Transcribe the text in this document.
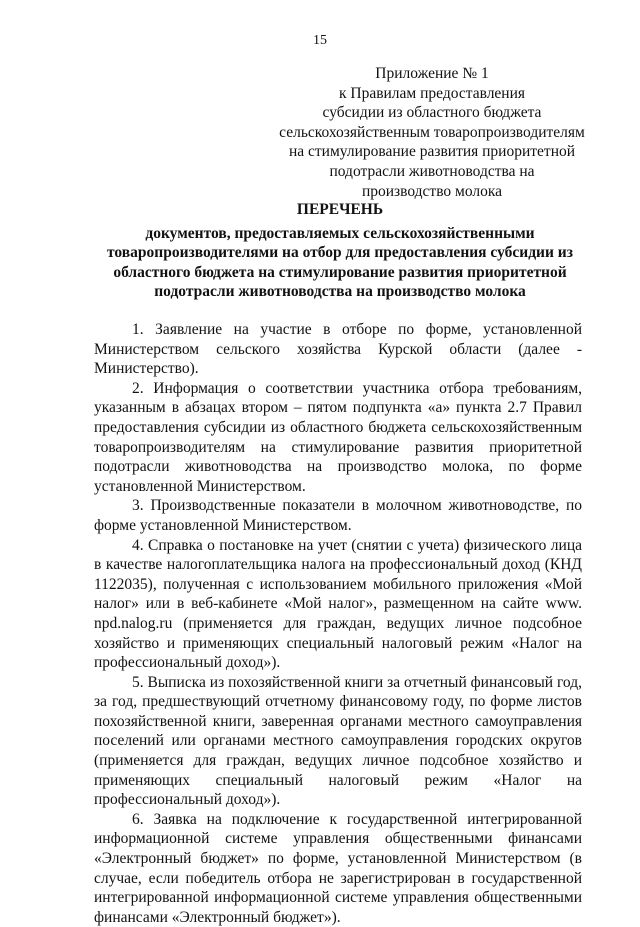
15
Приложение № 1
к Правилам предоставления
субсидии из областного бюджета
сельскохозяйственным товаропроизводителям
на стимулирование развития приоритетной
подотрасли животноводства на
производство молока
ПЕРЕЧЕНЬ
документов, предоставляемых сельскохозяйственными
товаропроизводителями на отбор для предоставления субсидии из
областного бюджета на стимулирование развития приоритетной
подотрасли животноводства на производство молока

1. Заявление на участие в отборе по форме, установленной Министерством сельского хозяйства Курской области (далее - Министерство).

2. Информация о соответствии участника отбора требованиям, указанным в абзацах втором – пятом подпункта «а» пункта 2.7 Правил предоставления субсидии из областного бюджета сельскохозяйственным товаропроизводителям на стимулирование развития приоритетной подотрасли животноводства на производство молока, по форме установленной Министерством.

3. Производственные показатели в молочном животноводстве, по форме установленной Министерством.

4. Справка о постановке на учет (снятии с учета) физического лица в качестве налогоплательщика налога на профессиональный доход (КНД 1122035), полученная с использованием мобильного приложения «Мой налог» или в веб-кабинете «Мой налог», размещенном на сайте www. npd.nalog.ru (применяется для граждан, ведущих личное подсобное хозяйство и применяющих специальный налоговый режим «Налог на профессиональный доход»).

5. Выписка из похозяйственной книги за отчетный финансовый год, за год, предшествующий отчетному финансовому году, по форме листов похозяйственной книги, заверенная органами местного самоуправления поселений или органами местного самоуправления городских округов (применяется для граждан, ведущих личное подсобное хозяйство и применяющих специальный налоговый режим «Налог на профессиональный доход»).

6. Заявка на подключение к государственной интегрированной информационной системе управления общественными финансами «Электронный бюджет» по форме, установленной Министерством (в случае, если победитель отбора не зарегистрирован в государственной интегрированной информационной системе управления общественными финансами «Электронный бюджет»).
